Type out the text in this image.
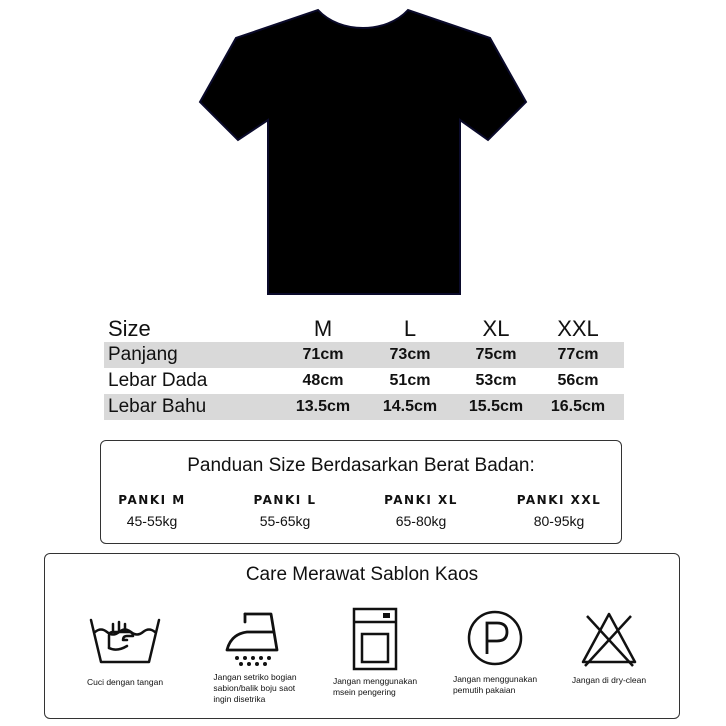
Size	M	L	XL	XXL
Panjang	71cm	73cm	75cm	77cm
Lebar Dada	48cm	51cm	53cm	56cm
Lebar Bahu	13.5cm	14.5cm	15.5cm	16.5cm
Panduan Size Berdasarkan Berat Badan:
PANKI M
45-55kg
PANKI L
55-65kg
PANKI XL
65-80kg
PANKI XXL
80-95kg
Care Merawat Sablon Kaos
Cuci dengan tangan	Jangan setriko bogian
sabion/balik boju saot
ingin disetrika
Jangan menggunakan
msein pengering
Jangan menggunakan
pemutih pakaian
Jangan di dry-clean
